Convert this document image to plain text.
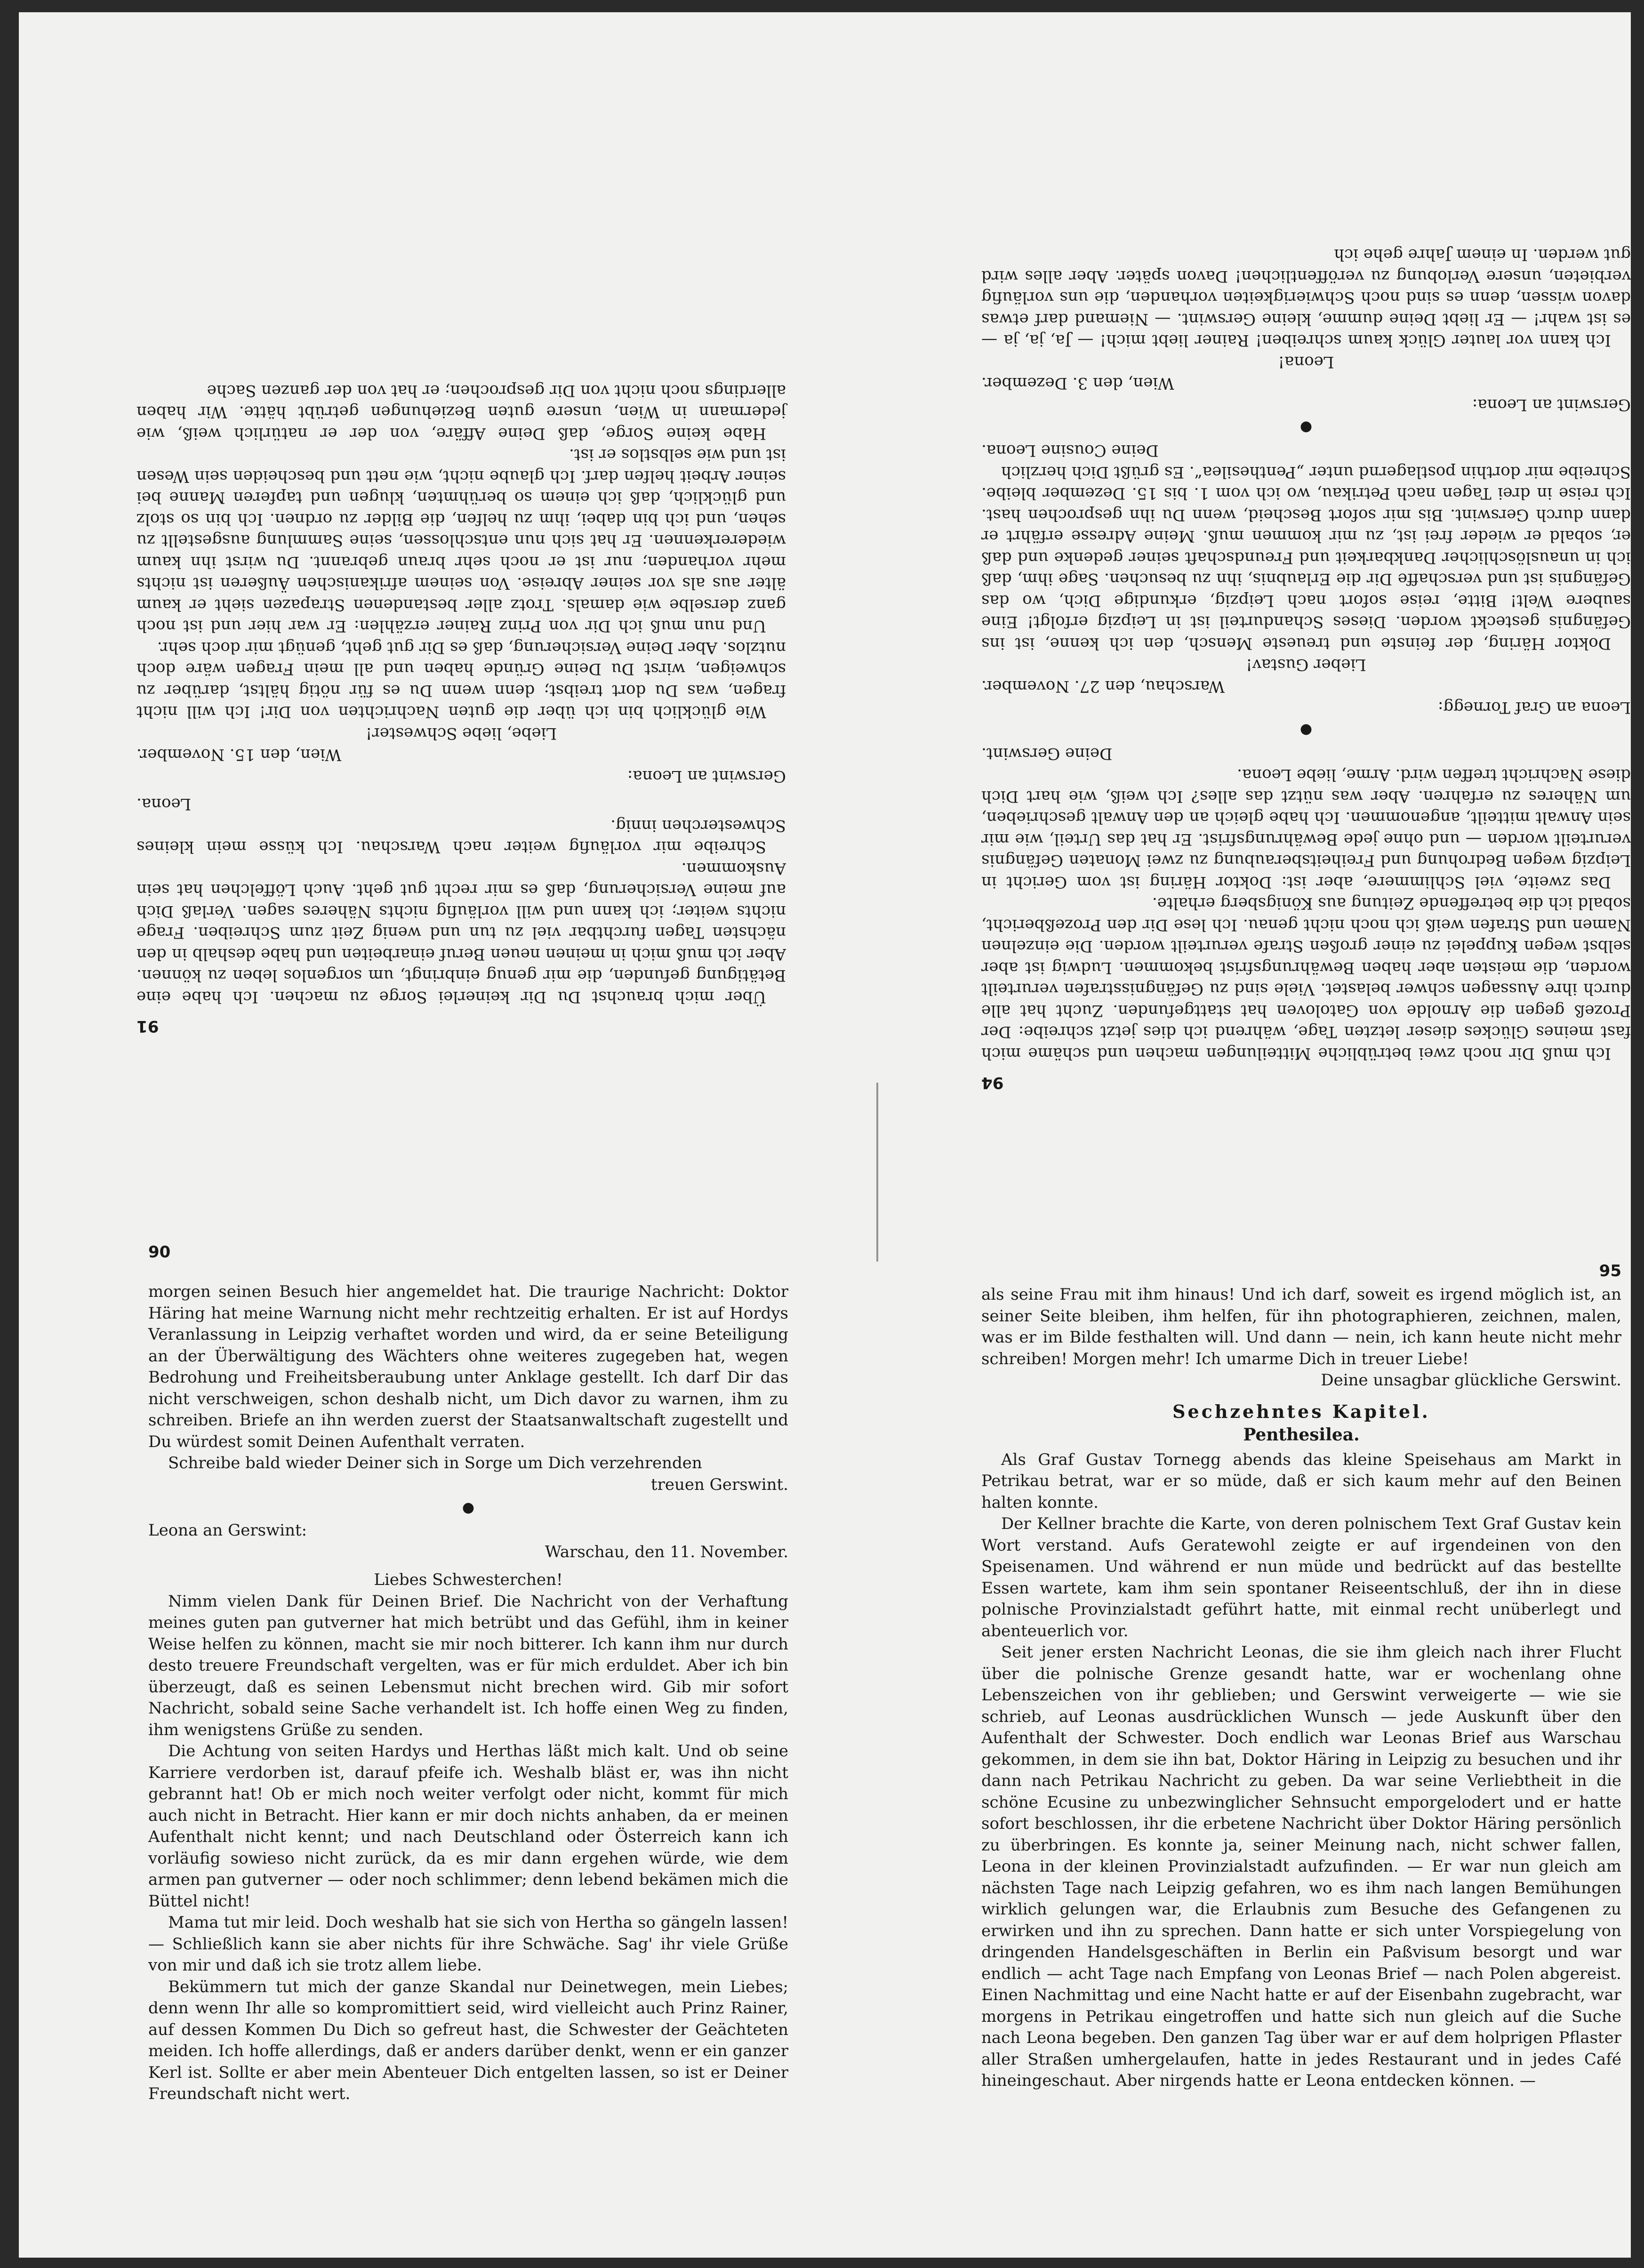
91

Über mich brauchst Du Dir keinerlei Sorge zu machen. Ich habe eine Betätigung gefunden, die mir genug einbringt, um sorgenlos leben zu können. Aber ich muß mich in meinen neuen Beruf einarbeiten und habe deshalb in den nächsten Tagen furchtbar viel zu tun und wenig Zeit zum Schreiben. Frage nichts weiter; ich kann und will vorläufig nichts Näheres sagen. Verlaß Dich auf meine Versicherung, daß es mir recht gut geht. Auch Löffelchen hat sein Auskommen.

Schreibe mir vorläufig weiter nach Warschau. Ich küsse mein kleines Schwesterchen innig.

Leona.

Gerswint an Leona:

Wien, den 15. November.

Liebe, liebe Schwester!

Wie glücklich bin ich über die guten Nachrichten von Dir! Ich will nicht fragen, was Du dort treibst; denn wenn Du es für nötig hältst, darüber zu schweigen, wirst Du Deine Gründe haben und all mein Fragen wäre doch nutzlos. Aber Deine Versicherung, daß es Dir gut geht, genügt mir doch sehr.

Und nun muß ich Dir von Prinz Rainer erzählen: Er war hier und ist noch ganz derselbe wie damals. Trotz aller bestandenen Strapazen sieht er kaum älter aus als vor seiner Abreise. Von seinem afrikanischen Äußeren ist nichts mehr vorhanden; nur ist er noch sehr braun gebrannt. Du wirst ihn kaum wiedererkennen. Er hat sich nun entschlossen, seine Sammlung ausgestellt zu sehen, und ich bin dabei, ihm zu helfen, die Bilder zu ordnen. Ich bin so stolz und glücklich, daß ich einem so berühmten, klugen und tapferen Manne bei seiner Arbeit helfen darf. Ich glaube nicht, wie nett und bescheiden sein Wesen ist und wie selbstlos er ist.

Habe keine Sorge, daß Deine Affäre, von der er natürlich weiß, wie jedermann in Wien, unsere guten Beziehungen getrübt hätte. Wir haben allerdings noch nicht von Dir gesprochen; er hat von der ganzen Sache

94

Ich muß Dir noch zwei betrübliche Mitteilungen machen und schäme mich fast meines Glückes dieser letzten Tage, während ich dies jetzt schreibe: Der Prozeß gegen die Arnolde von Gatoloven hat stattgefunden. Zucht hat alle durch ihre Aussagen schwer belastet. Viele sind zu Gefängnisstrafen verurteilt worden, die meisten aber haben Bewährungsfrist bekommen. Ludwig ist aber selbst wegen Kuppelei zu einer großen Strafe verurteilt worden. Die einzelnen Namen und Strafen weiß ich noch nicht genau. Ich lese Dir den Prozeßbericht, sobald ich die betreffende Zeitung aus Königsberg erhalte.

Das zweite, viel Schlimmere, aber ist: Doktor Häring ist vom Gericht in Leipzig wegen Bedrohung und Freiheitsberaubung zu zwei Monaten Gefängnis verurteilt worden — und ohne jede Bewährungsfrist. Er hat das Urteil, wie mir sein Anwalt mitteilt, angenommen. Ich habe gleich an den Anwalt geschrieben, um Näheres zu erfahren. Aber was nützt das alles? Ich weiß, wie hart Dich diese Nachricht treffen wird. Arme, liebe Leona.

Deine Gerswint.

●

Leona an Graf Tornegg:

Warschau, den 27. November.

Lieber Gustav!

Doktor Häring, der feinste und treueste Mensch, den ich kenne, ist ins Gefängnis gesteckt worden. Dieses Schandurteil ist in Leipzig erfolgt! Eine saubere Welt! Bitte, reise sofort nach Leipzig, erkundige Dich, wo das Gefängnis ist und verschaffe Dir die Erlaubnis, ihn zu besuchen. Sage ihm, daß ich in unauslöschlicher Dankbarkeit und Freundschaft seiner gedenke und daß er, sobald er wieder frei ist, zu mir kommen muß. Meine Adresse erfährt er dann durch Gerswint. Bis mir sofort Bescheid, wenn Du ihn gesprochen hast. Ich reise in drei Tagen nach Petrikau, wo ich vom 1. bis 15. Dezember bleibe. Schreibe mir dorthin postlagernd unter „Penthesilea“. Es grüßt Dich herzlich

Deine Cousine Leona.

●

Gerswint an Leona:

Wien, den 3. Dezember.

Leona!

Ich kann vor lauter Glück kaum schreiben! Rainer liebt mich! — Ja, ja, ja — es ist wahr! — Er liebt Deine dumme, kleine Gerswint. — Niemand darf etwas davon wissen, denn es sind noch Schwierigkeiten vorhanden, die uns vorläufig verbieten, unsere Verlobung zu veröffentlichen! Davon später. Aber alles wird gut werden. In einem Jahre gehe ich

90

morgen seinen Besuch hier angemeldet hat. Die traurige Nachricht: Doktor Häring hat meine Warnung nicht mehr rechtzeitig erhalten. Er ist auf Hordys Veranlassung in Leipzig verhaftet worden und wird, da er seine Beteiligung an der Überwältigung des Wächters ohne weiteres zugegeben hat, wegen Bedrohung und Freiheitsberaubung unter Anklage gestellt. Ich darf Dir das nicht verschweigen, schon deshalb nicht, um Dich davor zu warnen, ihm zu schreiben. Briefe an ihn werden zuerst der Staatsanwaltschaft zugestellt und Du würdest somit Deinen Aufenthalt verraten.

Schreibe bald wieder Deiner sich in Sorge um Dich verzehrenden

treuen Gerswint.

●

Leona an Gerswint:

Warschau, den 11. November.

Liebes Schwesterchen!

Nimm vielen Dank für Deinen Brief. Die Nachricht von der Verhaftung meines guten pan gutverner hat mich betrübt und das Gefühl, ihm in keiner Weise helfen zu können, macht sie mir noch bitterer. Ich kann ihm nur durch desto treuere Freundschaft vergelten, was er für mich erduldet. Aber ich bin überzeugt, daß es seinen Lebensmut nicht brechen wird. Gib mir sofort Nachricht, sobald seine Sache verhandelt ist. Ich hoffe einen Weg zu finden, ihm wenigstens Grüße zu senden.

Die Achtung von seiten Hardys und Herthas läßt mich kalt. Und ob seine Karriere verdorben ist, darauf pfeife ich. Weshalb bläst er, was ihn nicht gebrannt hat! Ob er mich noch weiter verfolgt oder nicht, kommt für mich auch nicht in Betracht. Hier kann er mir doch nichts anhaben, da er meinen Aufenthalt nicht kennt; und nach Deutschland oder Österreich kann ich vorläufig sowieso nicht zurück, da es mir dann ergehen würde, wie dem armen pan gutverner — oder noch schlimmer; denn lebend bekämen mich die Büttel nicht!

Mama tut mir leid. Doch weshalb hat sie sich von Hertha so gängeln lassen! — Schließlich kann sie aber nichts für ihre Schwäche. Sag' ihr viele Grüße von mir und daß ich sie trotz allem liebe.

Bekümmern tut mich der ganze Skandal nur Deinetwegen, mein Liebes; denn wenn Ihr alle so kompromittiert seid, wird vielleicht auch Prinz Rainer, auf dessen Kommen Du Dich so gefreut hast, die Schwester der Geächteten meiden. Ich hoffe allerdings, daß er anders darüber denkt, wenn er ein ganzer Kerl ist. Sollte er aber mein Abenteuer Dich entgelten lassen, so ist er Deiner Freundschaft nicht wert.

95

als seine Frau mit ihm hinaus! Und ich darf, soweit es irgend möglich ist, an seiner Seite bleiben, ihm helfen, für ihn photographieren, zeichnen, malen, was er im Bilde festhalten will. Und dann — nein, ich kann heute nicht mehr schreiben! Morgen mehr! Ich umarme Dich in treuer Liebe!

Deine unsagbar glückliche Gerswint.

Sechzehntes Kapitel.
Penthesilea.

Als Graf Gustav Tornegg abends das kleine Speisehaus am Markt in Petrikau betrat, war er so müde, daß er sich kaum mehr auf den Beinen halten konnte.

Der Kellner brachte die Karte, von deren polnischem Text Graf Gustav kein Wort verstand. Aufs Geratewohl zeigte er auf irgendeinen von den Speisenamen. Und während er nun müde und bedrückt auf das bestellte Essen wartete, kam ihm sein spontaner Reiseentschluß, der ihn in diese polnische Provinzialstadt geführt hatte, mit einmal recht unüberlegt und abenteuerlich vor.

Seit jener ersten Nachricht Leonas, die sie ihm gleich nach ihrer Flucht über die polnische Grenze gesandt hatte, war er wochenlang ohne Lebenszeichen von ihr geblieben; und Gerswint verweigerte — wie sie schrieb, auf Leonas ausdrücklichen Wunsch — jede Auskunft über den Aufenthalt der Schwester. Doch endlich war Leonas Brief aus Warschau gekommen, in dem sie ihn bat, Doktor Häring in Leipzig zu besuchen und ihr dann nach Petrikau Nachricht zu geben. Da war seine Verliebtheit in die schöne Ecusine zu unbezwinglicher Sehnsucht emporgelodert und er hatte sofort beschlossen, ihr die erbetene Nachricht über Doktor Häring persönlich zu überbringen. Es konnte ja, seiner Meinung nach, nicht schwer fallen, Leona in der kleinen Provinzialstadt aufzufinden. — Er war nun gleich am nächsten Tage nach Leipzig gefahren, wo es ihm nach langen Bemühungen wirklich gelungen war, die Erlaubnis zum Besuche des Gefangenen zu erwirken und ihn zu sprechen. Dann hatte er sich unter Vorspiegelung von dringenden Handelsgeschäften in Berlin ein Paßvisum besorgt und war endlich — acht Tage nach Empfang von Leonas Brief — nach Polen abgereist. Einen Nachmittag und eine Nacht hatte er auf der Eisenbahn zugebracht, war morgens in Petrikau eingetroffen und hatte sich nun gleich auf die Suche nach Leona begeben. Den ganzen Tag über war er auf dem holprigen Pflaster aller Straßen umhergelaufen, hatte in jedes Restaurant und in jedes Café hineingeschaut. Aber nirgends hatte er Leona entdecken können. —
